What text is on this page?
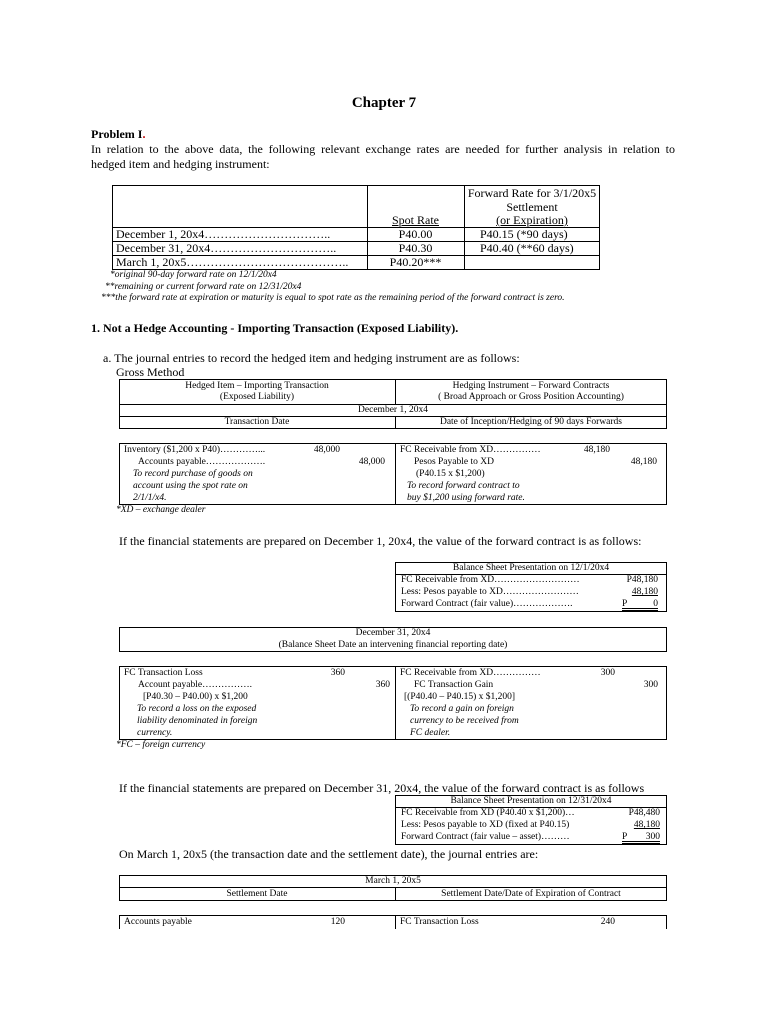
Chapter 7
Problem I.
In relation to the above data, the following relevant exchange rates are needed for further analysis in relation to
hedged item and hedging instrument:
Spot Rate
Forward Rate for 3/1/20x5
Settlement
(or Expiration)
December 1, 20x4…………………………..	P40.00	P40.15 (*90 days)
December 31, 20x4…………………………..	P40.30	P40.40 (**60 days)
March 1, 20x5…………………………………..	P40.20***
*original 90-day forward rate on 12/1/20x4
**remaining or current forward rate on 12/31/20x4
***the forward rate at expiration or maturity is equal to spot rate as the remaining period of the forward contract is zero.
1. Not a Hedge Accounting - Importing Transaction (Exposed Liability).
a. The journal entries to record the hedged item and hedging instrument are as follows:
Gross Method
Hedged Item – Importing Transaction
(Exposed Liability)
Hedging Instrument – Forward Contracts
( Broad Approach or Gross Position Accounting)
December 1, 20x4
Transaction Date	Date of Inception/Hedging of 90 days Forwards
Inventory ($1,200 x P40)…………...	48,000
Accounts payable……………….	48,000
To record purchase of goods on
account using the spot rate on
2/1/1/x4.
FC Receivable from XD……………	48,180
Pesos Payable to XD	48,180
(P40.15 x $1,200)
To record forward contract to
buy $1,200 using forward rate.
*XD – exchange dealer
If the financial statements are prepared on December 1, 20x4, the value of the forward contract is as follows:
Balance Sheet Presentation on 12/1/20x4
FC Receivable from XD………………………	P48,180
Less: Pesos payable to XD……………………	48,180
Forward Contract (fair value)……………….	P	0
December 31, 20x4
(Balance Sheet Date an intervening financial reporting date)
FC Transaction Loss	360
Account payable…………….	360
[P40.30 – P40.00) x $1,200
To record a loss on the exposed
liability denominated in foreign
currency.
FC Receivable from XD……………	300
FC Transaction Gain	300
[(P40.40 – P40.15) x $1,200]
To record a gain on foreign
currency to be received from
FC dealer.
*FC – foreign currency
If the financial statements are prepared on December 31, 20x4, the value of the forward contract is as follows
Balance Sheet Presentation on 12/31/20x4
FC Receivable from XD (P40.40 x $1,200)…	P48,480
Less: Pesos payable to XD (fixed at P40.15)	48,180
Forward Contract (fair value – asset)………	P 300
On March 1, 20x5 (the transaction date and the settlement date), the journal entries are:
March 1, 20x5
Settlement Date	Settlement Date/Date of Expiration of Contract
Accounts payable	120	FC Transaction Loss	240
